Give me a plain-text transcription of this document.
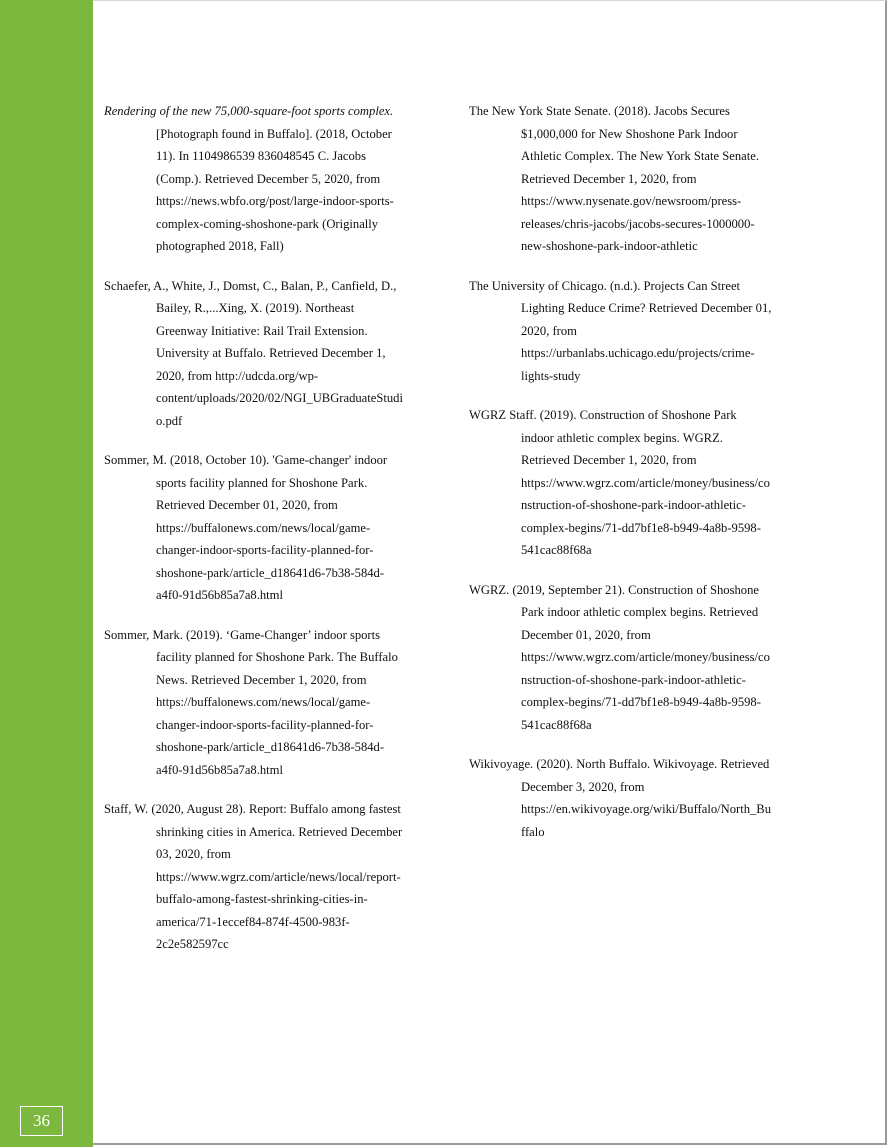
36
Rendering of the new 75,000-square-foot sports complex.
[Photograph found in Buffalo]. (2018, October
11). In 1104986539 836048545 C. Jacobs
(Comp.). Retrieved December 5, 2020, from
https://news.wbfo.org/post/large-indoor-sports-
complex-coming-shoshone-park (Originally
photographed 2018, Fall)
Schaefer, A., White, J., Domst, C., Balan, P., Canfield, D.,
Bailey, R.,...Xing, X. (2019). Northeast
Greenway Initiative: Rail Trail Extension.
University at Buffalo. Retrieved December 1,
2020, from http://udcda.org/wp-
content/uploads/2020/02/NGI_UBGraduateStudi
o.pdf
Sommer, M. (2018, October 10). 'Game-changer' indoor
sports facility planned for Shoshone Park.
Retrieved December 01, 2020, from
https://buffalonews.com/news/local/game-
changer-indoor-sports-facility-planned-for-
shoshone-park/article_d18641d6-7b38-584d-
a4f0-91d56b85a7a8.html
Sommer, Mark. (2019). ‘Game-Changer’ indoor sports
facility planned for Shoshone Park. The Buffalo
News. Retrieved December 1, 2020, from
https://buffalonews.com/news/local/game-
changer-indoor-sports-facility-planned-for-
shoshone-park/article_d18641d6-7b38-584d-
a4f0-91d56b85a7a8.html
Staff, W. (2020, August 28). Report: Buffalo among fastest
shrinking cities in America. Retrieved December
03, 2020, from
https://www.wgrz.com/article/news/local/report-
buffalo-among-fastest-shrinking-cities-in-
america/71-1eccef84-874f-4500-983f-
2c2e582597cc
The New York State Senate. (2018). Jacobs Secures
$1,000,000 for New Shoshone Park Indoor
Athletic Complex. The New York State Senate.
Retrieved December 1, 2020, from
https://www.nysenate.gov/newsroom/press-
releases/chris-jacobs/jacobs-secures-1000000-
new-shoshone-park-indoor-athletic
The University of Chicago. (n.d.). Projects Can Street
Lighting Reduce Crime? Retrieved December 01,
2020, from
https://urbanlabs.uchicago.edu/projects/crime-
lights-study
WGRZ Staff. (2019). Construction of Shoshone Park
indoor athletic complex begins. WGRZ.
Retrieved December 1, 2020, from
https://www.wgrz.com/article/money/business/co
nstruction-of-shoshone-park-indoor-athletic-
complex-begins/71-dd7bf1e8-b949-4a8b-9598-
541cac88f68a
WGRZ. (2019, September 21). Construction of Shoshone
Park indoor athletic complex begins. Retrieved
December 01, 2020, from
https://www.wgrz.com/article/money/business/co
nstruction-of-shoshone-park-indoor-athletic-
complex-begins/71-dd7bf1e8-b949-4a8b-9598-
541cac88f68a
Wikivoyage. (2020). North Buffalo. Wikivoyage. Retrieved
December 3, 2020, from
https://en.wikivoyage.org/wiki/Buffalo/North_Bu
ffalo
